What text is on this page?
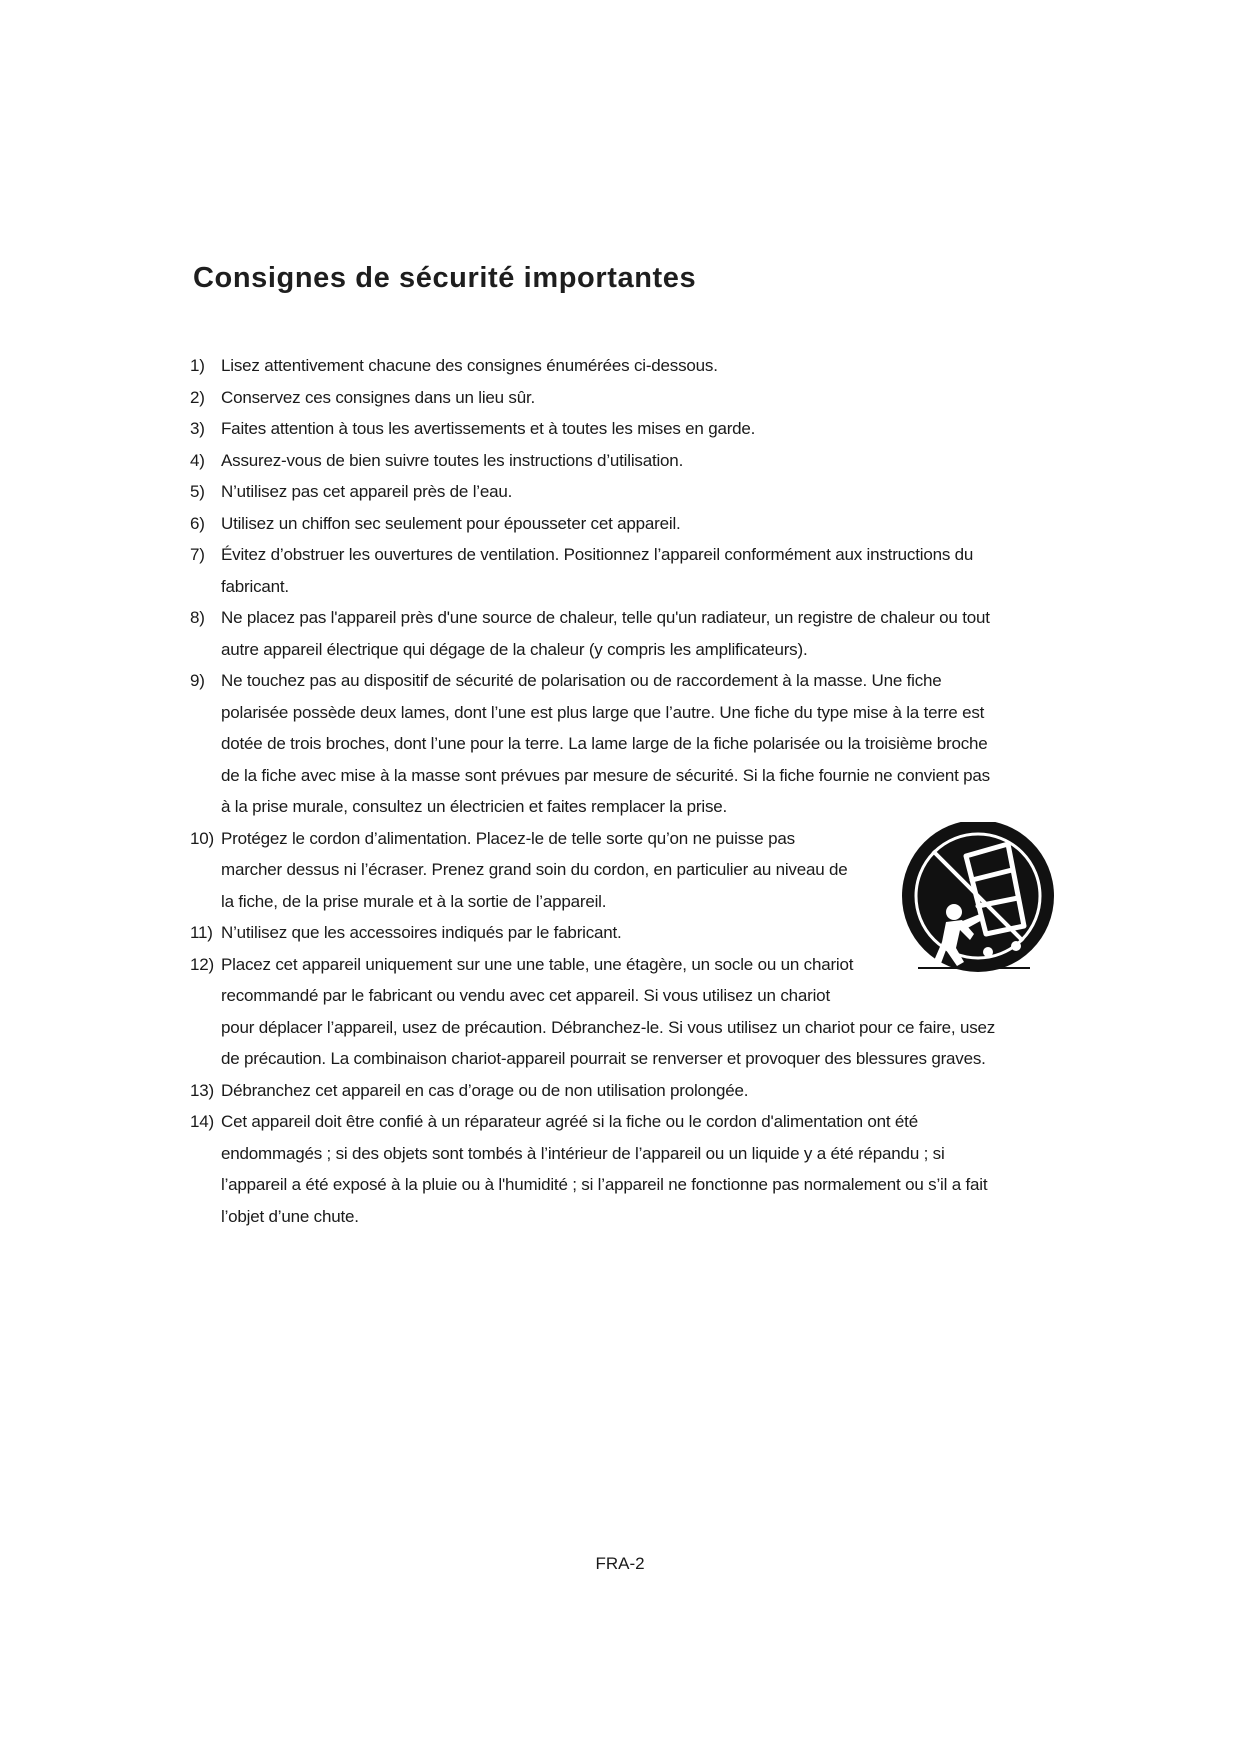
Consignes de sécurité importantes
1) Lisez attentivement chacune des consignes énumérées ci-dessous.
2) Conservez ces consignes dans un lieu sûr.
3) Faites attention à tous les avertissements et à toutes les mises en garde.
4) Assurez-vous de bien suivre toutes les instructions d’utilisation.
5) N’utilisez pas cet appareil près de l’eau.
6) Utilisez un chiffon sec seulement pour épousseter cet appareil.
7) Évitez d’obstruer les ouvertures de ventilation. Positionnez l’appareil conformément aux instructions du
fabricant.
8) Ne placez pas l'appareil près d'une source de chaleur, telle qu'un radiateur, un registre de chaleur ou tout
autre appareil électrique qui dégage de la chaleur (y compris les amplificateurs).
9) Ne touchez pas au dispositif de sécurité de polarisation ou de raccordement à la masse. Une fiche
polarisée possède deux lames, dont l’une est plus large que l’autre. Une fiche du type mise à la terre est
dotée de trois broches, dont l’une pour la terre. La lame large de la fiche polarisée ou la troisième broche
de la fiche avec mise à la masse sont prévues par mesure de sécurité. Si la fiche fournie ne convient pas
à la prise murale, consultez un électricien et faites remplacer la prise.
10) Protégez le cordon d’alimentation. Placez-le de telle sorte qu’on ne puisse pas
marcher dessus ni l’écraser. Prenez grand soin du cordon, en particulier au niveau de
la fiche, de la prise murale et à la sortie de l’appareil.
11) N’utilisez que les accessoires indiqués par le fabricant.
12) Placez cet appareil uniquement sur une une table, une étagère, un socle ou un chariot
recommandé par le fabricant ou vendu avec cet appareil. Si vous utilisez un chariot
pour déplacer l’appareil, usez de précaution. Débranchez-le. Si vous utilisez un chariot pour ce faire, usez
de précaution. La combinaison chariot-appareil pourrait se renverser et provoquer des blessures graves.
13) Débranchez cet appareil en cas d’orage ou de non utilisation prolongée.
14) Cet appareil doit être confié à un réparateur agréé si la fiche ou le cordon d'alimentation ont été
endommagés ; si des objets sont tombés à l’intérieur de l’appareil ou un liquide y a été répandu ; si
l’appareil a été exposé à la pluie ou à l'humidité ; si l’appareil ne fonctionne pas normalement ou s’il a fait
l’objet d’une chute.
FRA-2
